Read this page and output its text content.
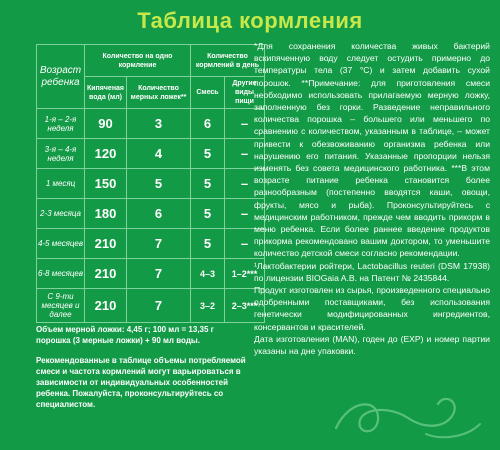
Таблица кормления
Возраст ребенка	Количество на одно кормление		Количество кормлений в день	
	Кипяченая вода (мл)	Количество мерных ложек**	Смесь	Другие виды пищи
1-я – 2-я неделя	90	3	6	–
3-я – 4-я неделя	120	4	5	–
1 месяц	150	5	5	–
2-3 месяца	180	6	5	–
4-5 месяцев	210	7	5	–
6-8 месяцев	210	7	4–3	1–2***
С 9-ти месяцев и далее	210	7	3–2	2–3***

Объем мерной ложки: 4,45 г; 100 мл = 13,35 г порошка (3 мерные ложки) + 90 мл воды.

Рекомендованные в таблице объемы потребляемой смеси и частота кормлений могут варьироваться в зависимости от индивидуальных особенностей ребенка. Пожалуйста, проконсультируйтесь со специалистом.

*Для сохранения количества живых бактерий вскипяченную воду следует остудить примерно до температуры тела (37 °С) и затем добавить сухой порошок. **Примечание: для приготовления смеси необходимо использовать прилагаемую мерную ложку, заполненную без горки. Разведение неправильного количества порошка – большего или меньшего по сравнению с количеством, указанным в таблице, – может привести к обезвоживанию организма ребенка или нарушению его питания. Указанные пропорции нельзя изменять без совета медицинского работника. ***В этом возрасте питание ребенка становится более разнообразным (постепенно вводятся каши, овощи, фрукты, мясо и рыба). Проконсультируйтесь с медицинским работником, прежде чем вводить прикорм в меню ребенка. Если более раннее введение продуктов прикорма рекомендовано вашим доктором, то уменьшите количество детской смеси согласно рекомендации.

¹Лактобактерии ройтери, Lactobacillus reuteri (DSM 17938) по лицензии BIOGaia A.B. на Патент № 2435844.

Продукт изготовлен из сырья, произведенного специально одобренными поставщиками, без использования генетически модифицированных ингредиентов, консервантов и красителей.

Дата изготовления (MAN), годен до (EXP) и номер партии указаны на дне упаковки.
